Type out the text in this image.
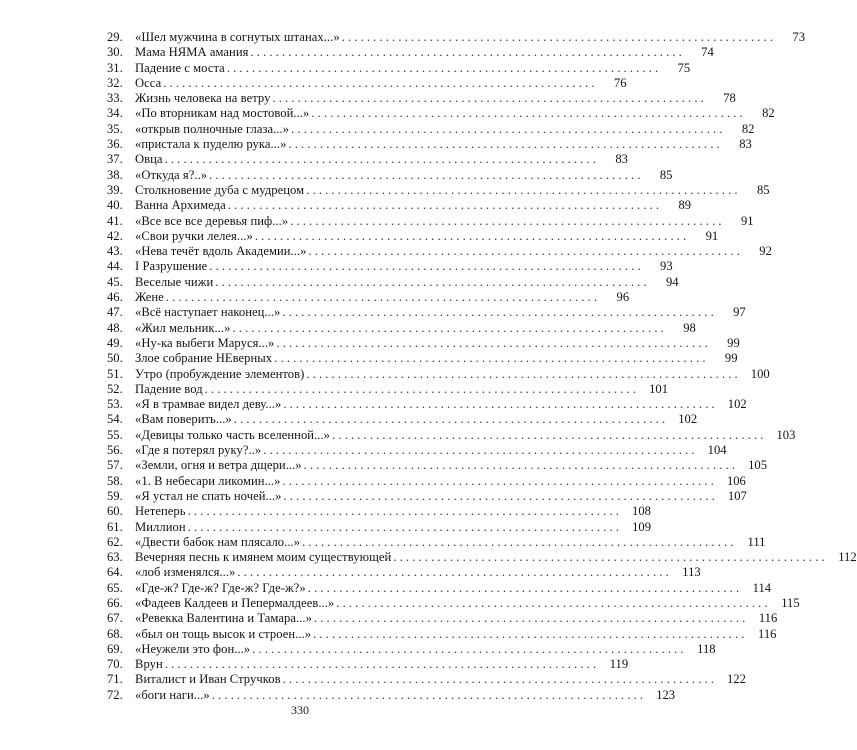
29. «Шел мужчина в согнутых штанах...» . . .	73
30. Мама НЯМА амания . . .	74
31. Падение с моста . . .	75
32. Осса . . .	76
33. Жизнь человека на ветру . . .	78
34. «По вторникам над мостовой...» . . .	82
35. «открыв полночные глаза...» . . .	82
36. «пристала к пуделю рука...» . . .	83
37. Овца . . .	83
38. «Откуда я?..» . . .	85
39. Столкновение дуба с мудрецом . . .	85
40. Ванна Архимеда . . .	89
41. «Все все все деревья пиф...» . . .	91
42. «Свои ручки лелея...» . . .	91
43. «Нева течёт вдоль Академии...» . . .	92
44. I Разрушение . . .	93
45. Веселые чижи . . .	94
46. Жене . . .	96
47. «Всё наступает наконец...» . . .	97
48. «Жил мельник...» . . .	98
49. «Ну-ка выбеги Маруся...» . . .	99
50. Злое собрание НЕверных . . .	99
51. Утро (пробуждение элементов) . . .	100
52. Падение вод . . .	101
53. «Я в трамвае видел деву...» . . .	102
54. «Вам поверить...» . . .	102
55. «Девицы только часть вселенной...» . . .	103
56. «Где я потерял руку?..» . . .	104
57. «Земли, огня и ветра дщери...» . . .	105
58. «1. В небесари ликомин...» . . .	106
59. «Я устал не спать ночей...» . . .	107
60. Нетеперь . . .	108
61. Миллион . . .	109
62. «Двести бабок нам плясало...» . . .	111
63. Вечерняя песнь к имянем моим существующей . . .	112
64. «лоб изменялся...» . . .	113
65. «Где-ж? Где-ж? Где-ж? Где-ж?» . . .	114
66. «Фадеев Калдеев и Пепермалдеев...» . . .	115
67. «Ревекка Валентина и Тамара...» . . .	116
68. «был он тощь высок и строен...» . . .	116
69. «Неужели это фон...» . . .	118
70. Врун . . .	119
71. Виталист и Иван Стручков . . .	122
72. «боги наги...» . . .	123
330
